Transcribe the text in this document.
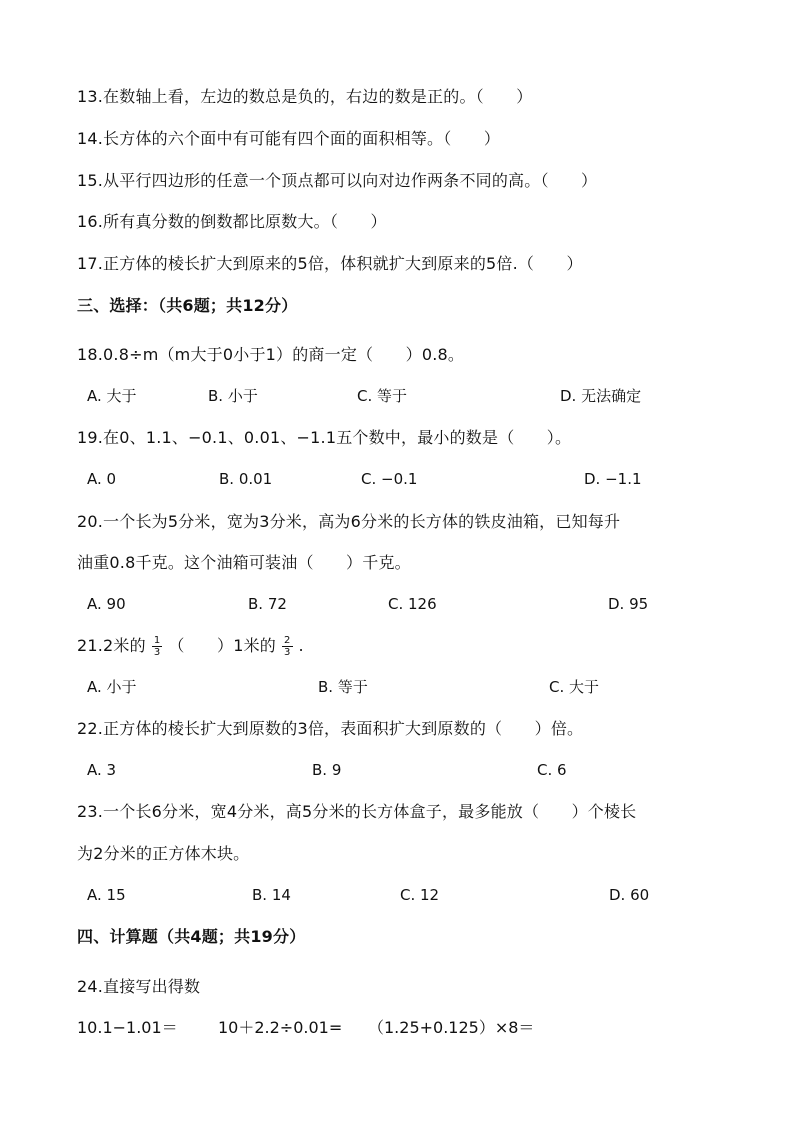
13.在数轴上看，左边的数总是负的，右边的数是正的。（　　）
14.长方体的六个面中有可能有四个面的面积相等。（　　）
15.从平行四边形的任意一个顶点都可以向对边作两条不同的高。（　　）
16.所有真分数的倒数都比原数大。（　　）
17.正方体的棱长扩大到原来的5倍，体积就扩大到原来的5倍.（　　）
三、选择：（共6题；共12分）
18.0.8÷m（m大于0小于1）的商一定（　　）0.8。
A. 大于	B. 小于	C. 等于	D. 无法确定
19.在0、1.1、−0.1、0.01、−1.1五个数中，最小的数是（　　）。
A. 0	B. 0.01	C. −0.1	D. −1.1
20.一个长为5分米，宽为3分米，高为6分米的长方体的铁皮油箱，已知每升
油重0.8千克。这个油箱可装油（　　）千克。
A. 90	B. 72	C. 126	D. 95
21.2米的 $\frac{1}{3}$ （　　）1米的 $\frac{2}{3}$ .
A. 小于	B. 等于	C. 大于
22.正方体的棱长扩大到原数的3倍，表面积扩大到原数的（　　）倍。
A. 3	B. 9	C. 6
23.一个长6分米，宽4分米，高5分米的长方体盒子，最多能放（　　）个棱长
为2分米的正方体木块。
A. 15	B. 14	C. 12	D. 60
四、计算题（共4题；共19分）
24.直接写出得数
10.1−1.01＝	10＋2.2÷0.01= （1.25+0.125）×8＝
